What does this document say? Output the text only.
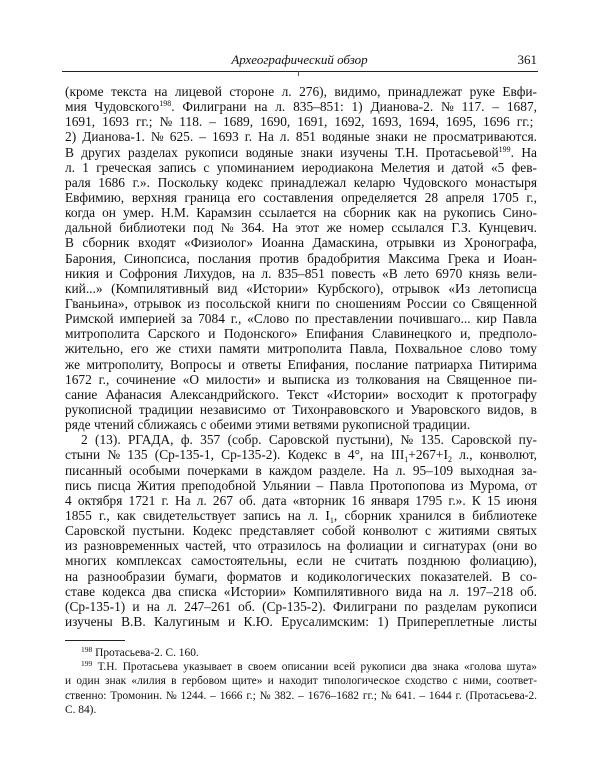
Археографический обзор	361
(кроме текста на лицевой стороне л. 276), видимо, принадлежат руке Евфи-
мия Чудовского$^{198}$. Филиграни на л. 835–851: 1) Дианова-2. № 117. – 1687,
1691, 1693 гг.; № 118. – 1689, 1690, 1691, 1692, 1693, 1694, 1695, 1696 гг.;
2) Дианова-1. № 625. – 1693 г. На л. 851 водяные знаки не просматриваются.
В других разделах рукописи водяные знаки изучены Т.Н. Протасьевой$^{199}$. На
л. 1 греческая запись с упоминанием иеродиакона Мелетия и датой «5 фев-
раля 1686 г.». Поскольку кодекс принадлежал келарю Чудовского монастыря
Евфимию, верхняя граница его составления определяется 28 апреля 1705 г.,
когда он умер. Н.М. Карамзин ссылается на сборник как на рукопись Сино-
дальной библиотеки под № 364. На этот же номер ссылался Г.З. Кунцевич.
В сборник входят «Физиолог» Иоанна Дамаскина, отрывки из Хронографа,
Барония, Синопсиса, послания против брадобрития Максима Грека и Иоан-
никия и Софрония Лихудов, на л. 835–851 повесть «В лето 6970 князь вели-
кий...» (Компилятивный вид «Истории» Курбского), отрывок «Из летописца
Гваньина», отрывок из посольской книги по сношениям России со Священной
Римской империей за 7084 г., «Слово по преставлении почившаго... кир Павла
митрополита Сарского и Подонского» Епифания Славинецкого и, предполо-
жительно, его же стихи памяти митрополита Павла, Похвальное слово тому
же митрополиту, Вопросы и ответы Епифания, послание патриарха Питирима
1672 г., сочинение «О милости» и выписка из толкования на Священное пи-
сание Афанасия Александрийского. Текст «Истории» восходит к протографу
рукописной традиции независимо от Тихонравовского и Уваровского видов, в
ряде чтений сближаясь с обеими этими ветвями рукописной традиции.
2 (13). РГАДА, ф. 357 (собр. Саровской пустыни), № 135. Саровской пу-
стыни № 135 (Ср-135-1, Ср-135-2). Кодекс в 4°, на $III_1+267+I_2$ л., конволют,
писанный особыми почерками в каждом разделе. На л. 95–109 выходная за-
пись писца Жития преподобной Ульянии – Павла Протопопова из Мурома, от
4 октября 1721 г. На л. 267 об. дата «вторник 16 января 1795 г.». К 15 июня
1855 г., как свидетельствует запись на л. $I_1$, сборник хранился в библиотеке
Саровской пустыни. Кодекс представляет собой конволют с житиями святых
из разновременных частей, что отразилось на фолиации и сигнатурах (они во
многих комплексах самостоятельны, если не считать позднюю фолиацию),
на разнообразии бумаги, форматов и кодикологических показателей. В со-
ставе кодекса два списка «Истории» Компилятивного вида на л. 197–218 об.
(Ср-135-1) и на л. 247–261 об. (Ср-135-2). Филиграни по разделам рукописи
изучены В.В. Калугиным и К.Ю. Ерусалимским: 1) Припереплетные листы
$^{198}$ Протасьева-2. С. 160.
$^{199}$ Т.Н. Протасьева указывает в своем описании всей рукописи два знака «голова шута»
и один знак «лилия в гербовом щите» и находит типологическое сходство с ними, соответ-
ственно: Тромонин. № 1244. – 1666 г.; № 382. – 1676–1682 гг.; № 641. – 1644 г. (Протасьева-2.
С. 84).
